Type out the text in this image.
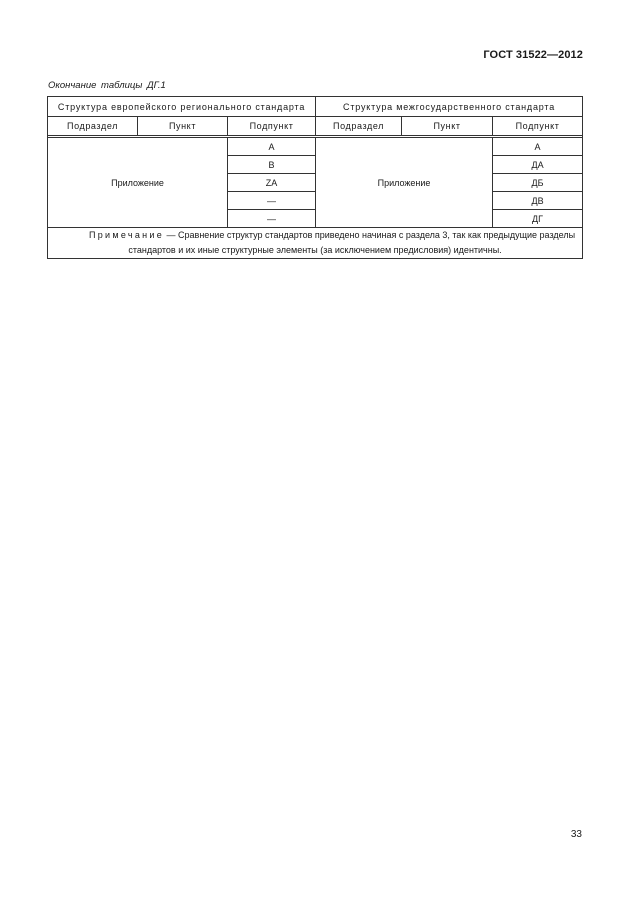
ГОСТ 31522—2012
Окончание таблицы ДГ.1
Структура европейского регионального стандарта			Структура межгосударственного стандарта		
Подраздел	Пункт	Подпункт	Подраздел	Пункт	Подпункт

Приложение		A	Приложение		А
		B			ДА
		ZA			ДБ
		—			ДВ
		—			ДГ
Примечание — Сравнение структур стандартов приведено начиная с раздела 3, так как предыдущие разделы стандартов и их иные структурные элементы (за исключением предисловия) идентичны.					
33
